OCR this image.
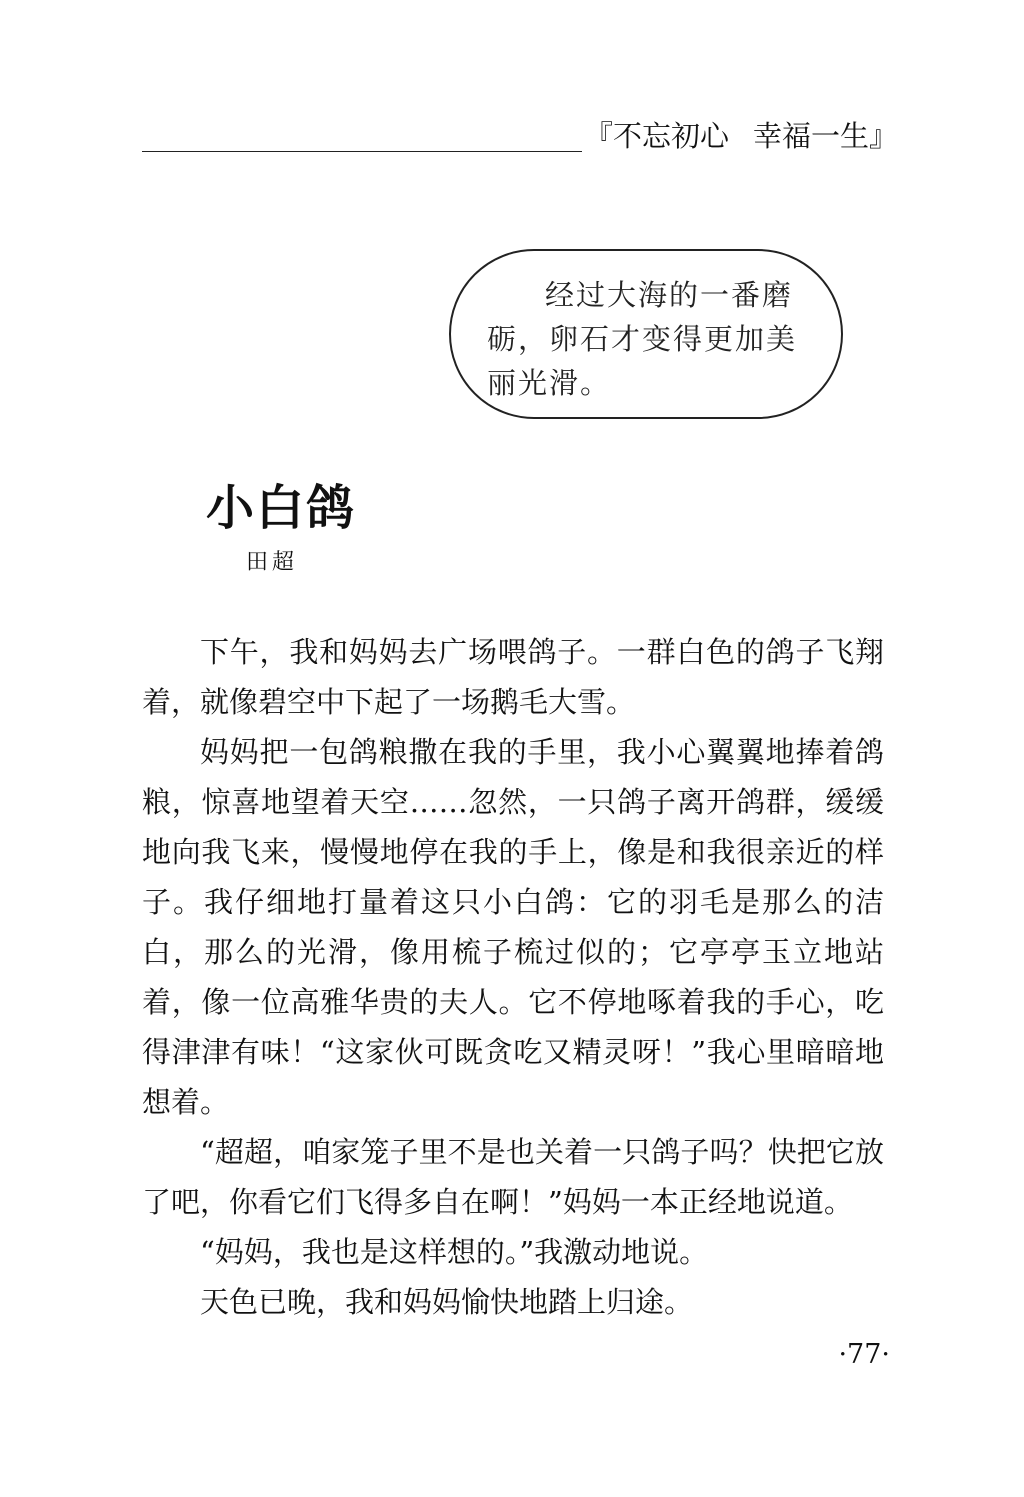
『不忘初心 幸福一生』
经过大海的一番磨砺，卵石才变得更加美丽光滑。
小白鸽
田超

下午，我和妈妈去广场喂鸽子。一群白色的鸽子飞翔着，就像碧空中下起了一场鹅毛大雪。

妈妈把一包鸽粮撒在我的手里，我小心翼翼地捧着鸽粮，惊喜地望着天空……忽然，一只鸽子离开鸽群，缓缓地向我飞来，慢慢地停在我的手上，像是和我很亲近的样子。我仔细地打量着这只小白鸽：它的羽毛是那么的洁白，那么的光滑，像用梳子梳过似的；它亭亭玉立地站着，像一位高雅华贵的夫人。它不停地啄着我的手心，吃得津津有味！“这家伙可既贪吃又精灵呀！”我心里暗暗地想着。

“超超，咱家笼子里不是也关着一只鸽子吗？快把它放了吧，你看它们飞得多自在啊！”妈妈一本正经地说道。

“妈妈，我也是这样想的。”我激动地说。

天色已晚，我和妈妈愉快地踏上归途。

·77·
